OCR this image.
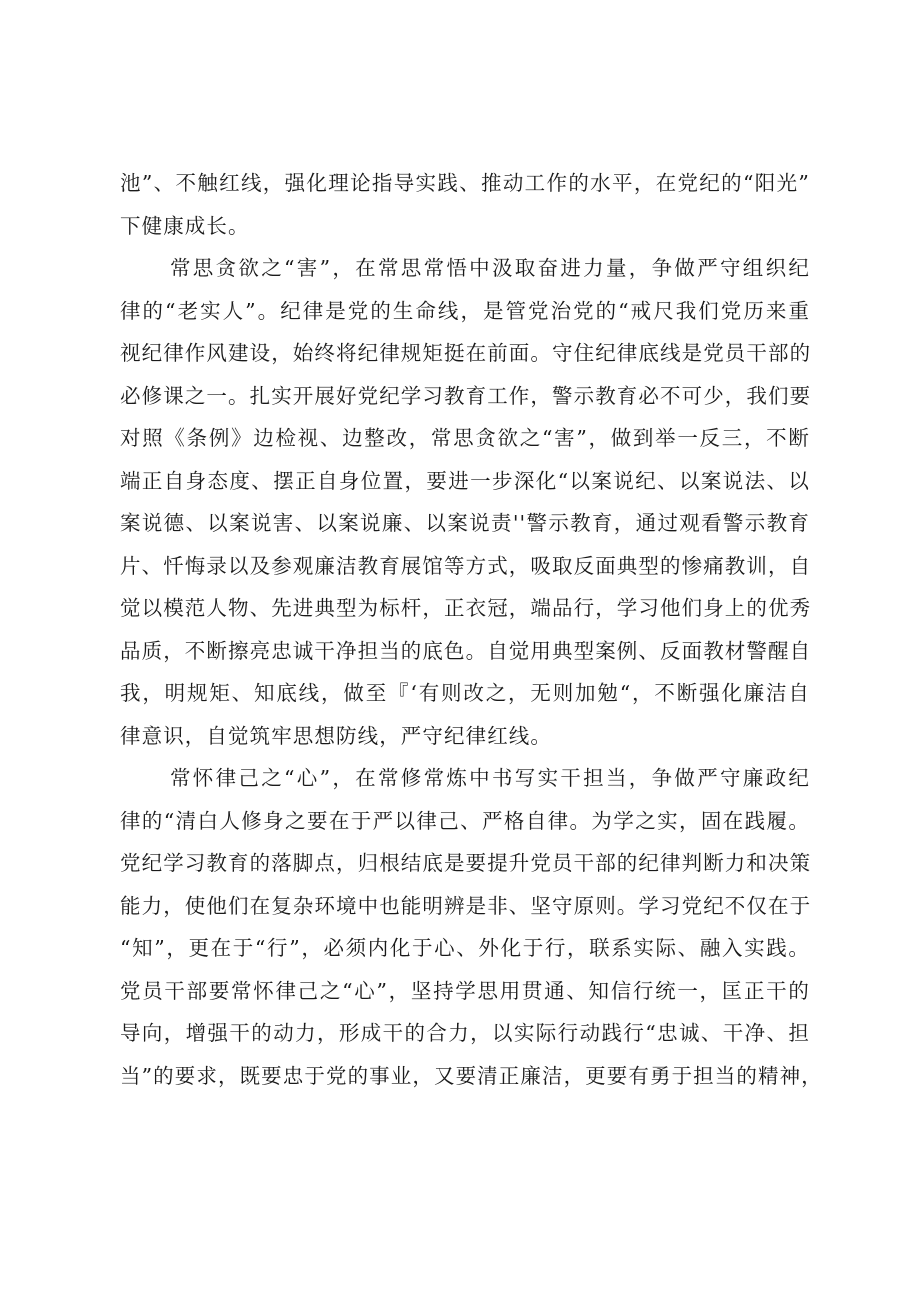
池”、不触红线，强化理论指导实践、推动工作的水平，在党纪的“阳光”
下健康成长。
常思贪欲之“害”，在常思常悟中汲取奋进力量，争做严守组织纪
律的“老实人”。纪律是党的生命线，是管党治党的“戒尺我们党历来重
视纪律作风建设，始终将纪律规矩挺在前面。守住纪律底线是党员干部的
必修课之一。扎实开展好党纪学习教育工作，警示教育必不可少，我们要
对照《条例》边检视、边整改，常思贪欲之“害”，做到举一反三，不断
端正自身态度、摆正自身位置，要进一步深化“以案说纪、以案说法、以
案说德、以案说害、以案说廉、以案说责''警示教育，通过观看警示教育
片、忏悔录以及参观廉洁教育展馆等方式，吸取反面典型的惨痛教训，自
觉以模范人物、先进典型为标杆，正衣冠，端品行，学习他们身上的优秀
品质，不断擦亮忠诚干净担当的底色。自觉用典型案例、反面教材警醒自
我，明规矩、知底线，做至『‘有则改之，无则加勉“，不断强化廉洁自
律意识，自觉筑牢思想防线，严守纪律红线。
常怀律己之“心”，在常修常炼中书写实干担当，争做严守廉政纪
律的“清白人修身之要在于严以律己、严格自律。为学之实，固在践履。
党纪学习教育的落脚点，归根结底是要提升党员干部的纪律判断力和决策
能力，使他们在复杂环境中也能明辨是非、坚守原则。学习党纪不仅在于
“知”，更在于“行”，必须内化于心、外化于行，联系实际、融入实践。
党员干部要常怀律己之“心”，坚持学思用贯通、知信行统一，匡正干的
导向，增强干的动力，形成干的合力，以实际行动践行“忠诚、干净、担
当”的要求，既要忠于党的事业，又要清正廉洁，更要有勇于担当的精神，
